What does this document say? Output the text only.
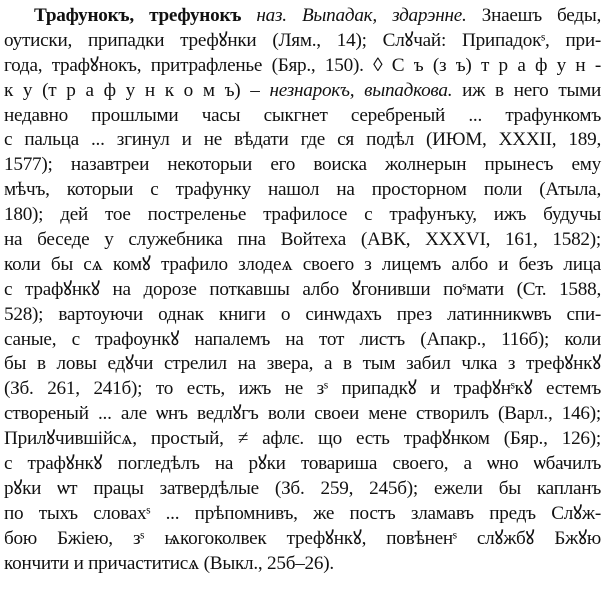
Трафунокъ, трефунокъ наз. Выпадак, здарэнне. Знаешъ беды,
оутиски, припадки трефꙋнки (Лям., 14); Слꙋчай: Припадокˢ, при-
года, трафꙋнокъ, притрафленье (Бяр., 150). ◊ С ъ (з ъ) т р а ф у н -
к у (т р а ф у н к о м ъ) – незнарокъ, выпадкова. иж в него тыми
недавно прошлыми часы сыкгнет серебреный ... трафункомъ
с пальца ... згинул и не вѣдати где ся подѣл (ИЮМ, ХХХІІ, 189,
1577); назавтреи некоторыи его воиска жолнерын прынесъ ему
мѣчъ, которыи с трафунку нашол на просторном поли (Атыла,
180); дей тое постреленье трафилосе с трафунъку, ижъ будучы
на беседе у служебника пна Войтеха (АВК, ХХХVІ, 161, 1582);
коли бы сѧ комꙋ трафило злодеѧ своего з лицемъ албо и безъ лица
с трафꙋнкꙋ на дорозе поткавшы албо ꙋгонивши поˢмати (Ст. 1588,
528); вартоуючи однак книги о синѡдахъ през латинникѡвъ спи-
саные, с трафоункꙋ напалемъ на тот листъ (Апакр., 116б); коли
бы в ловы едꙋчи стрелил на звера, а в тым забил члка з трефꙋнкꙋ
(Зб. 261, 241б); то есть, ижъ не зˢ припадкꙋ и трафꙋнˢкꙋ естемъ
створеный ... але ѡнъ ведлꙋгъ воли своеи мене створилъ (Варл., 146);
Прилꙋчившійсѧ, простый, ≠ афлє. що есть трафꙋнком (Бяр., 126);
с трафꙋнкꙋ погледѣлъ на рꙋки товариша своего, а ѡно ѡбачилъ
рꙋки ѡт працы затвердѣлые (Зб. 259, 245б); ежели бы капланъ
по тыхъ словахˢ ... прѣпомнивъ, же постъ зламавъ предъ Слꙋж-
бою Бжіею, зˢ ѩкогоколвек трефꙋнкꙋ, повѣненˢ слꙋжбꙋ Бжꙋю
кончити и причаститисѧ (Выкл., 25б–26).
